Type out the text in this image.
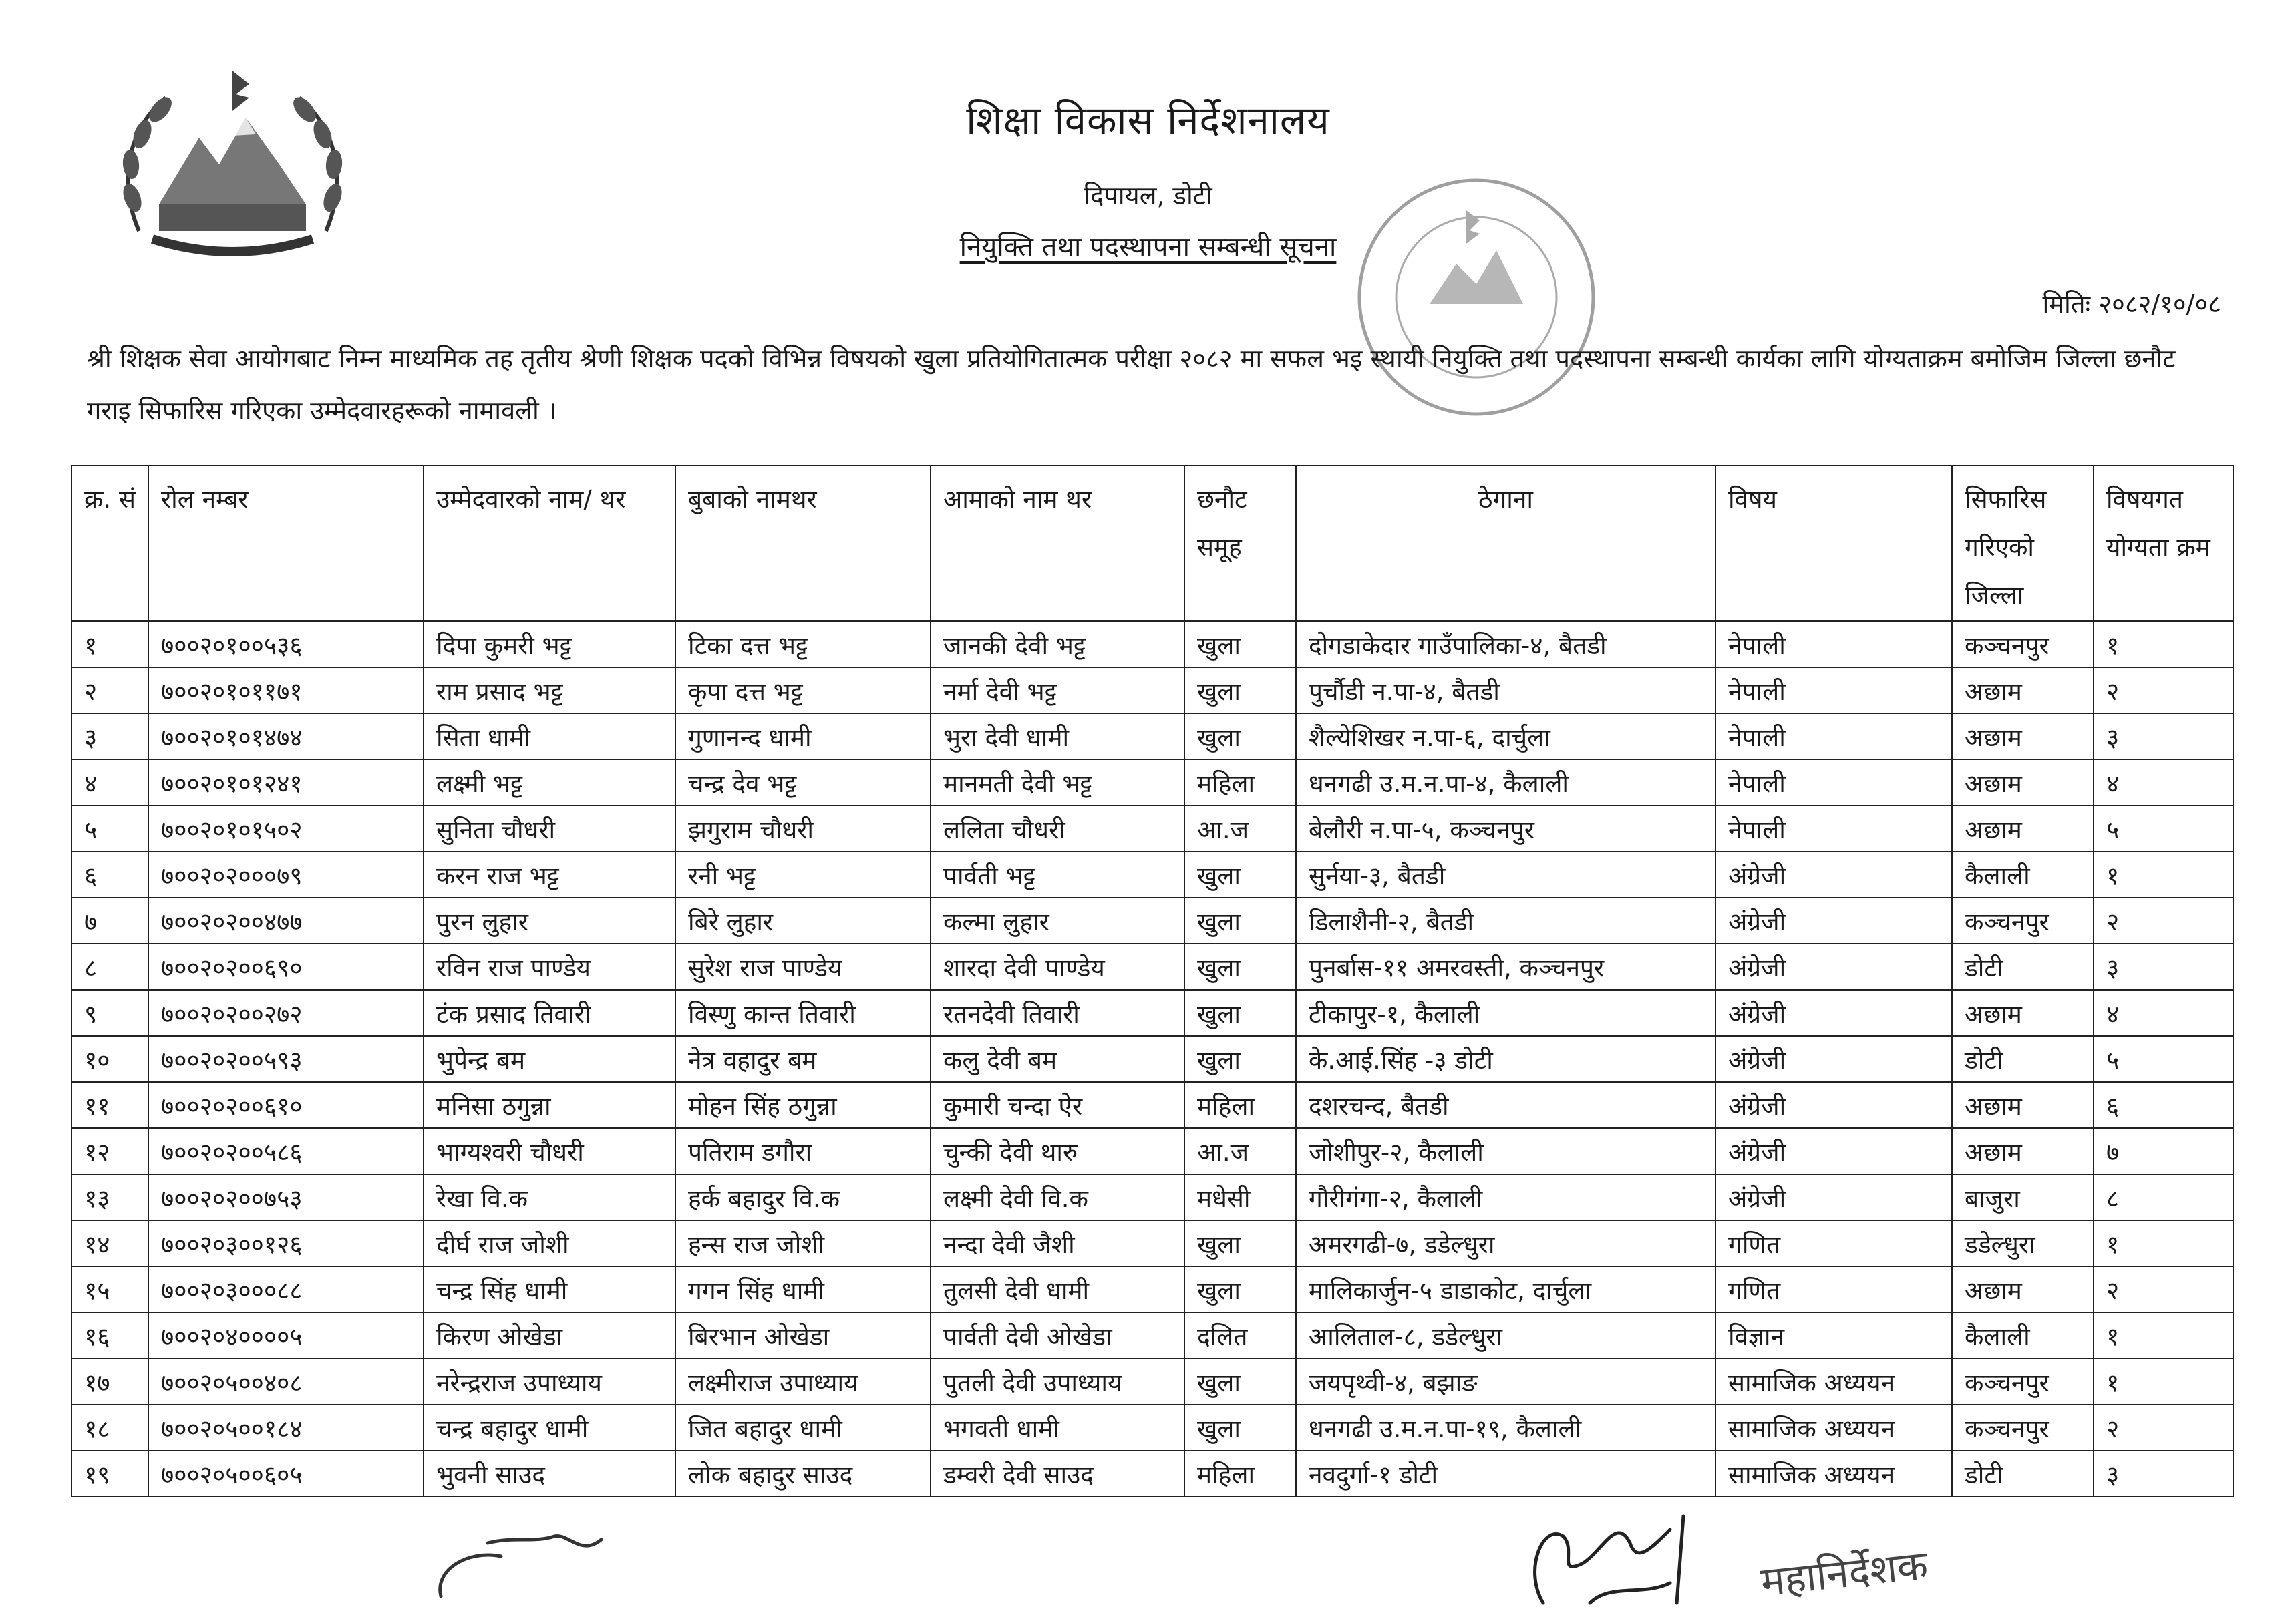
शिक्षा विकास निर्देशनालय
दिपायल, डोटी
नियुक्ति तथा पदस्थापना सम्बन्धी सूचना
मितिः २०८२/१०/०८
श्री शिक्षक सेवा आयोगबाट निम्न माध्यमिक तह तृतीय श्रेणी शिक्षक पदको विभिन्न विषयको खुला प्रतियोगितात्मक परीक्षा २०८२ मा सफल भइ स्थायी नियुक्ति तथा पदस्थापना सम्बन्धी कार्यका लागि योग्यताक्रम बमोजिम जिल्ला छनौट गराइ सिफारिस गरिएका उम्मेदवारहरूको नामावली ।
क्र. सं	रोल नम्बर	उम्मेदवारको नाम/ थर	बुबाको नामथर	आमाको नाम थर	छनौट समूह	ठेगाना	विषय	सिफारिस गरिएको जिल्ला	विषयगत योग्यता क्रम
१	७००२०१००५३६	दिपा कुमरी भट्ट	टिका दत्त भट्ट	जानकी देवी भट्ट	खुला	दोगडाकेदार गाउँपालिका-४, बैतडी	नेपाली	कञ्चनपुर	१
२	७००२०१०११७१	राम प्रसाद भट्ट	कृपा दत्त भट्ट	नर्मा देवी भट्ट	खुला	पुर्चौडी न.पा-४, बैतडी	नेपाली	अछाम	२
३	७००२०१०१४७४	सिता धामी	गुणानन्द धामी	भुरा देवी धामी	खुला	शैल्येशिखर न.पा-६, दार्चुला	नेपाली	अछाम	३
४	७००२०१०१२४१	लक्ष्मी भट्ट	चन्द्र देव भट्ट	मानमती देवी भट्ट	महिला	धनगढी उ.म.न.पा-४, कैलाली	नेपाली	अछाम	४
५	७००२०१०१५०२	सुनिता चौधरी	झगुराम चौधरी	ललिता चौधरी	आ.ज	बेलौरी न.पा-५, कञ्चनपुर	नेपाली	अछाम	५
६	७००२०२०००७९	करन राज भट्ट	रनी भट्ट	पार्वती भट्ट	खुला	सुर्नया-३, बैतडी	अंग्रेजी	कैलाली	१
७	७००२०२००४७७	पुरन लुहार	बिरे लुहार	कल्मा लुहार	खुला	डिलाशैनी-२, बैतडी	अंग्रेजी	कञ्चनपुर	२
८	७००२०२००६९०	रविन राज पाण्डेय	सुरेश राज पाण्डेय	शारदा देवी पाण्डेय	खुला	पुनर्बास-११ अमरवस्ती, कञ्चनपुर	अंग्रेजी	डोटी	३
९	७००२०२००२७२	टंक प्रसाद तिवारी	विस्णु कान्त तिवारी	रतनदेवी तिवारी	खुला	टीकापुर-१, कैलाली	अंग्रेजी	अछाम	४
१०	७००२०२००५९३	भुपेन्द्र बम	नेत्र वहादुर बम	कलु देवी बम	खुला	के.आई.सिंह -३ डोटी	अंग्रेजी	डोटी	५
११	७००२०२००६१०	मनिसा ठगुन्ना	मोहन सिंह ठगुन्ना	कुमारी चन्दा ऐर	महिला	दशरचन्द, बैतडी	अंग्रेजी	अछाम	६
१२	७००२०२००५८६	भाग्यश्वरी चौधरी	पतिराम डगौरा	चुन्की देवी थारु	आ.ज	जोशीपुर-२, कैलाली	अंग्रेजी	अछाम	७
१३	७००२०२००७५३	रेखा वि.क	हर्क बहादुर वि.क	लक्ष्मी देवी वि.क	मधेसी	गौरीगंगा-२, कैलाली	अंग्रेजी	बाजुरा	८
१४	७००२०३००१२६	दीर्घ राज जोशी	हन्स राज जोशी	नन्दा देवी जैशी	खुला	अमरगढी-७, डडेल्धुरा	गणित	डडेल्धुरा	१
१५	७००२०३०००८८	चन्द्र सिंह धामी	गगन सिंह धामी	तुलसी देवी धामी	खुला	मालिकार्जुन-५ डाडाकोट, दार्चुला	गणित	अछाम	२
१६	७००२०४००००५	किरण ओखेडा	बिरभान ओखेडा	पार्वती देवी ओखेडा	दलित	आलिताल-८, डडेल्धुरा	विज्ञान	कैलाली	१
१७	७००२०५००४०८	नरेन्द्रराज उपाध्याय	लक्ष्मीराज उपाध्याय	पुतली देवी उपाध्याय	खुला	जयपृथ्वी-४, बझाङ	सामाजिक अध्ययन	कञ्चनपुर	१
१८	७००२०५००१८४	चन्द्र बहादुर धामी	जित बहादुर धामी	भगवती धामी	खुला	धनगढी उ.म.न.पा-१९, कैलाली	सामाजिक अध्ययन	कञ्चनपुर	२
१९	७००२०५००६०५	भुवनी साउद	लोक बहादुर साउद	डम्वरी देवी साउद	महिला	नवदुर्गा-१ डोटी	सामाजिक अध्ययन	डोटी	३
महानिर्देशक
